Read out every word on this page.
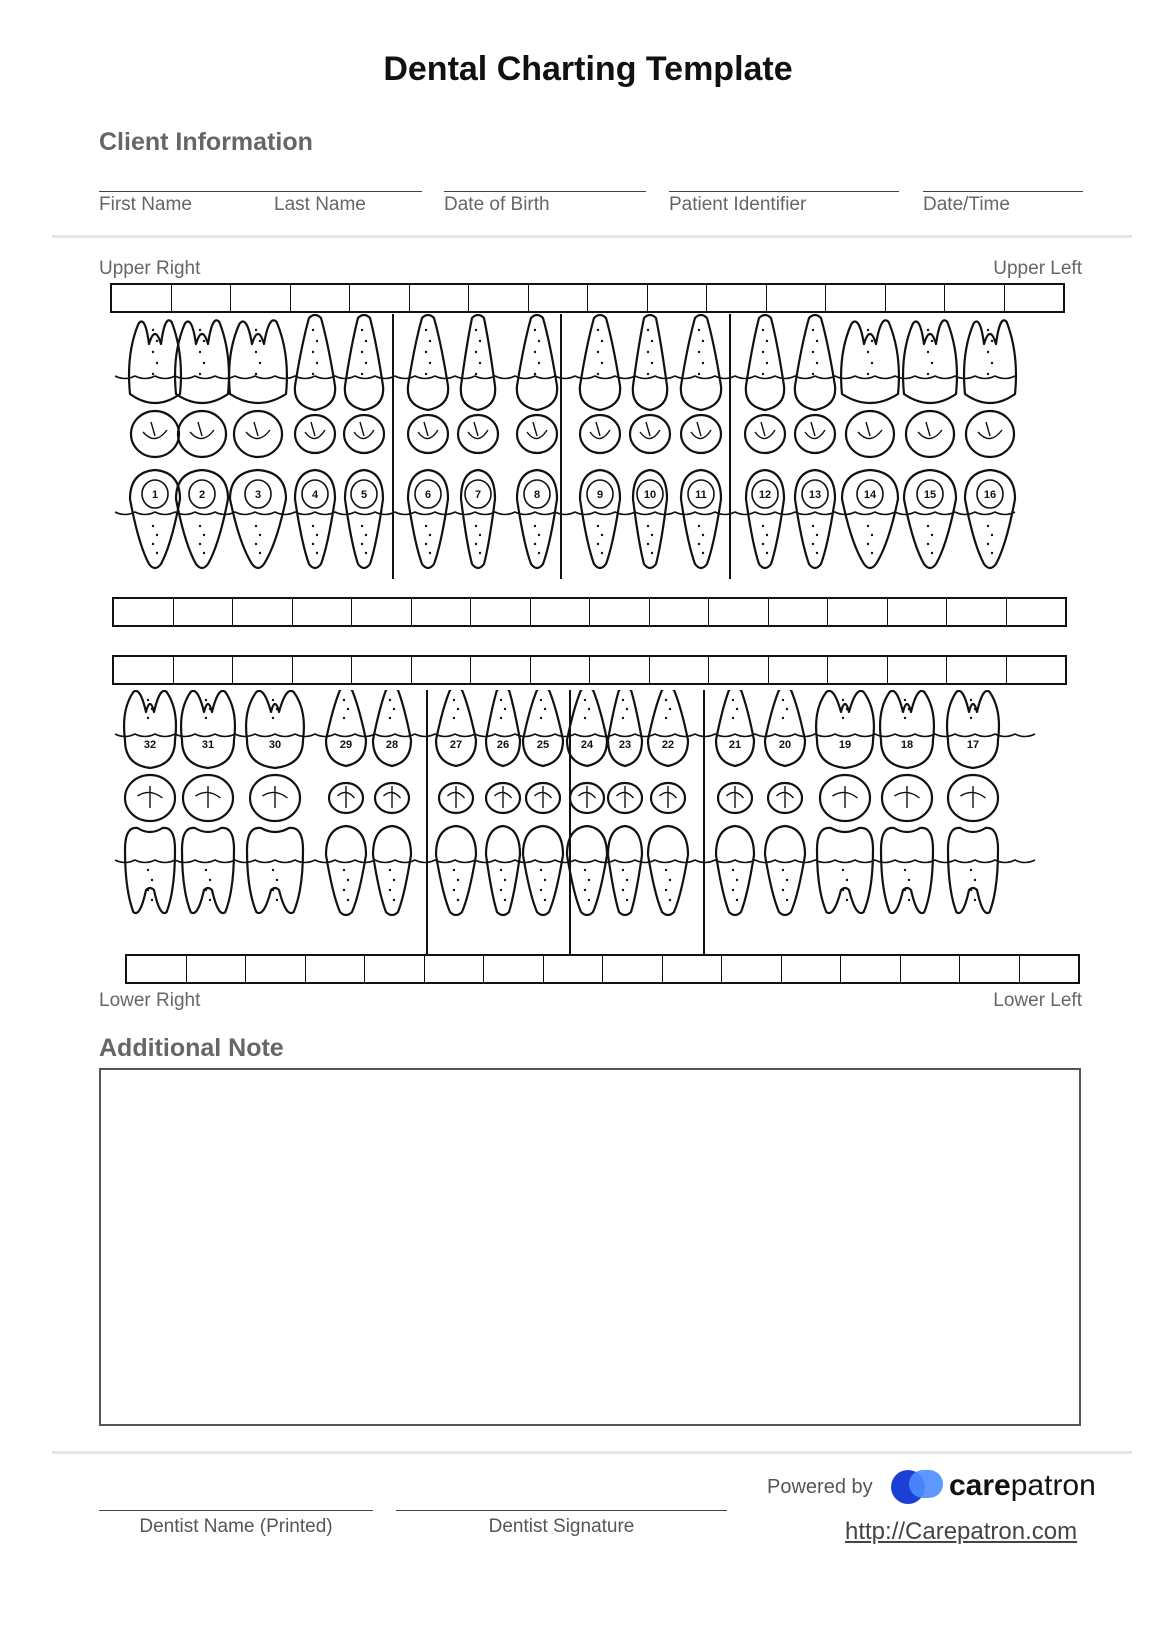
Dental Charting Template
Client Information
First Name	Last Name	Date of Birth	Patient Identifier	Date/Time
Upper Right	Upper Left
1	2	3	4	5	6	7	8	9	10	11	12	13	14	15	16
32	31	30	29	28	27	26	25	24 23	22	21	20	19	18	17
Lower Right	Lower Left
Additional Note
Dentist Name (Printed)	Dentist Signature
Powered by	carepatron
http://Carepatron.com
